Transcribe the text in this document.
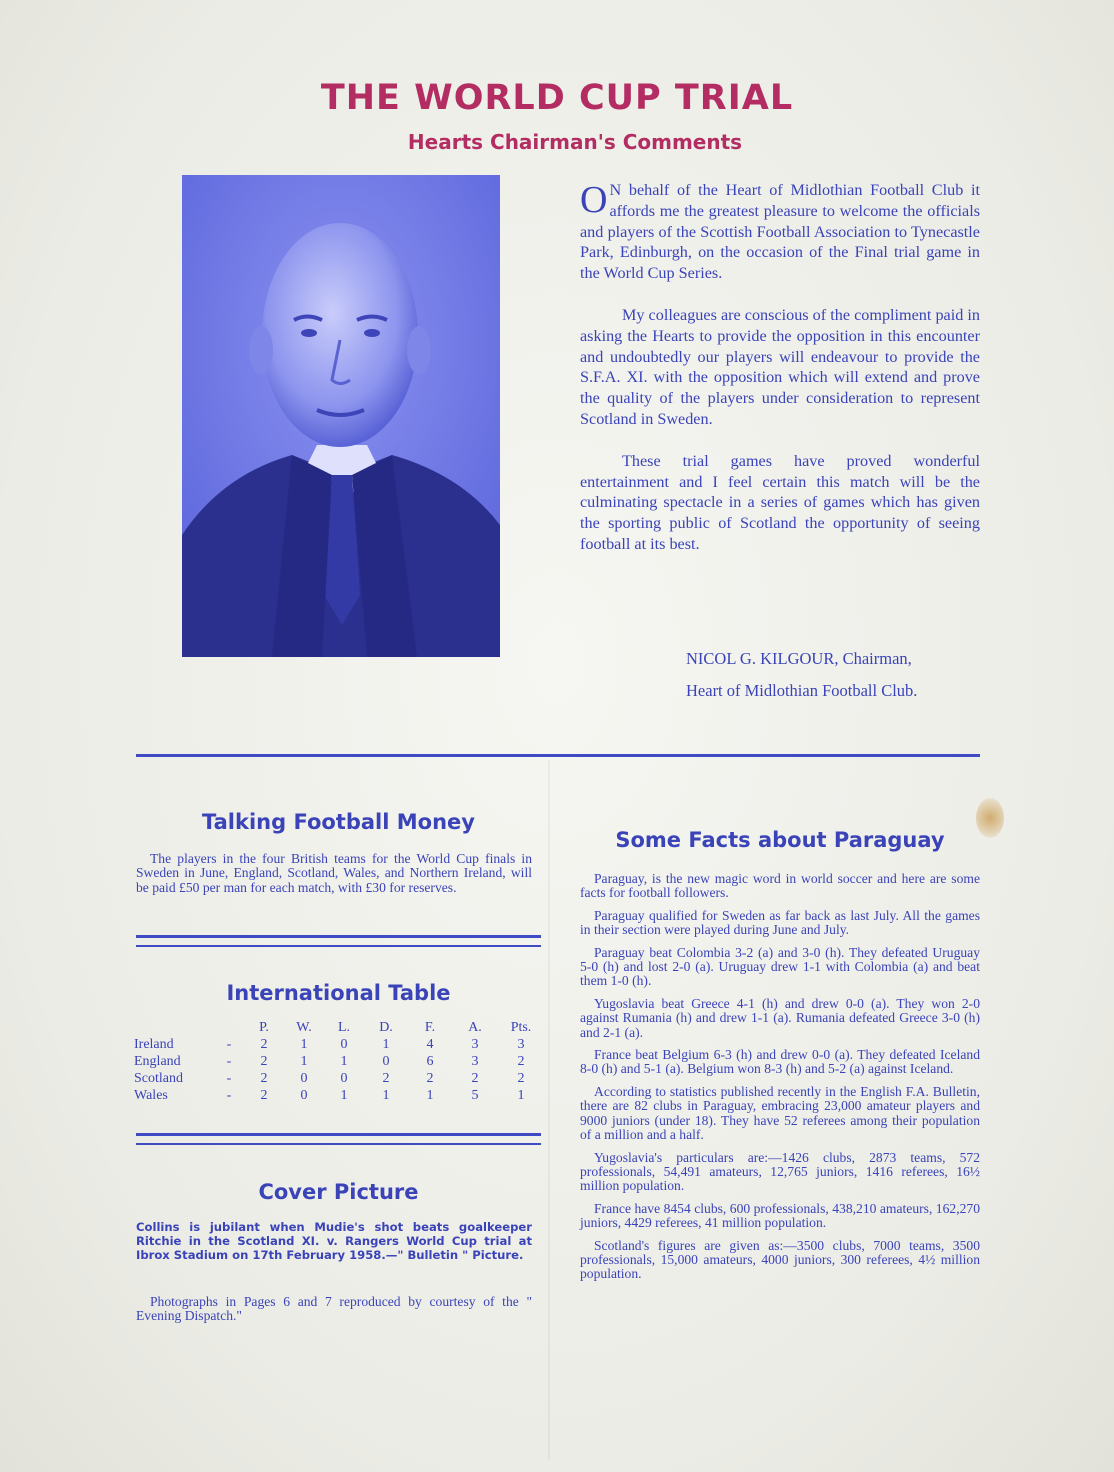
THE WORLD CUP TRIAL
Hearts Chairman's Comments

O N behalf of the Heart of Midlothian Football Club it affords me the greatest pleasure to welcome the officials and players of the Scottish Football Association to Tynecastle Park, Edinburgh, on the occasion of the Final trial game in the World Cup Series.

My colleagues are conscious of the compliment paid in asking the Hearts to provide the opposition in this encounter and undoubtedly our players will endeavour to provide the S.F.A. XI. with the opposition which will extend and prove the quality of the players under consideration to represent Scotland in Sweden.

These trial games have proved wonderful entertainment and I feel certain this match will be the culminating spectacle in a series of games which has given the sporting public of Scotland the opportunity of seeing football at its best.

NICOL G. KILGOUR, Chairman,
Heart of Midlothian Football Club.
Talking Football Money

The players in the four British teams for the World Cup finals in Sweden in June, England, Scotland, Wales, and Northern Ireland, will be paid £50 per man for each match, with £30 for reserves.

International Table
		P.	W.	L.	D.	F.	A.	Pts.
Ireland	-	2	1	0	1	4	3	3
England	-	2	1	1	0	6	3	2
Scotland	-	2	0	0	2	2	2	2
Wales	-	2	0	1	1	1	5	1
Cover Picture
Collins is jubilant when Mudie's shot beats goalkeeper Ritchie in the Scotland XI. v. Rangers World Cup trial at Ibrox Stadium on 17th February 1958.—" Bulletin " Picture.

Photographs in Pages 6 and 7 reproduced by courtesy of the " Evening Dispatch."

Some Facts about Paraguay

Paraguay, is the new magic word in world soccer and here are some facts for football followers.

Paraguay qualified for Sweden as far back as last July. All the games in their section were played during June and July.

Paraguay beat Colombia 3-2 (a) and 3-0 (h). They defeated Uruguay 5-0 (h) and lost 2-0 (a). Uruguay drew 1-1 with Colombia (a) and beat them 1-0 (h).

Yugoslavia beat Greece 4-1 (h) and drew 0-0 (a). They won 2-0 against Rumania (h) and drew 1-1 (a). Rumania defeated Greece 3-0 (h) and 2-1 (a).

France beat Belgium 6-3 (h) and drew 0-0 (a). They defeated Iceland 8-0 (h) and 5-1 (a). Belgium won 8-3 (h) and 5-2 (a) against Iceland.

According to statistics published recently in the English F.A. Bulletin, there are 82 clubs in Paraguay, embracing 23,000 amateur players and 9000 juniors (under 18). They have 52 referees among their population of a million and a half.

Yugoslavia's particulars are:—1426 clubs, 2873 teams, 572 professionals, 54,491 amateurs, 12,765 juniors, 1416 referees, 16½ million population.

France have 8454 clubs, 600 professionals, 438,210 amateurs, 162,270 juniors, 4429 referees, 41 million population.

Scotland's figures are given as:—3500 clubs, 7000 teams, 3500 professionals, 15,000 amateurs, 4000 juniors, 300 referees, 4½ million population.
